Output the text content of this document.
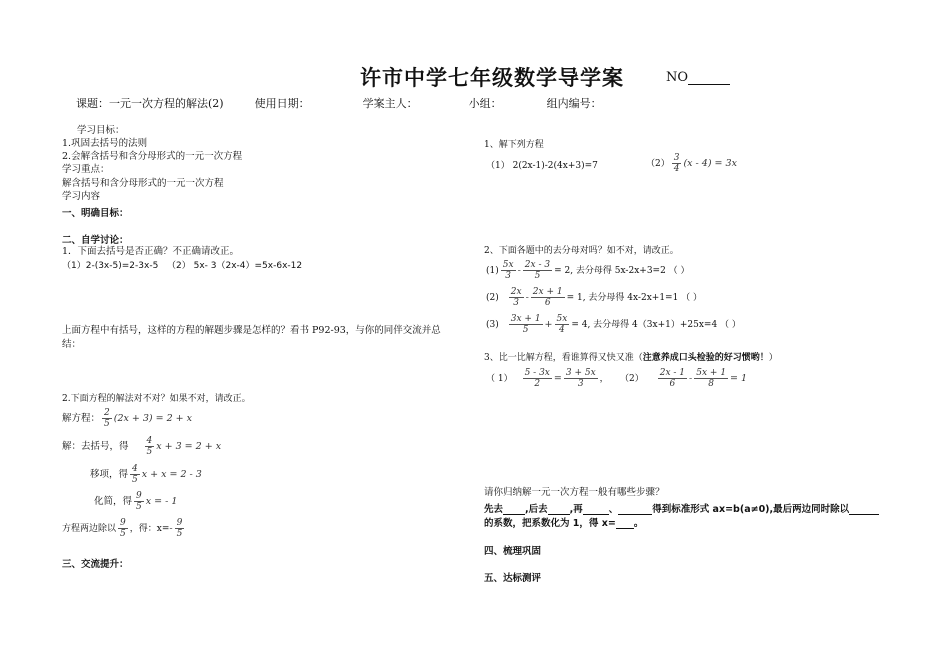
许市中学七年级数学导学案	NO
课题：一元一次方程的解法(2)	使用日期：	学案主人：	小组：	组内编号：
学习目标：
1.巩固去括号的法则
2.会解含括号和含分母形式的一元一次方程
学习重点：
解含括号和含分母形式的一元一次方程
学习内容
一、明确目标：
二、自学讨论：
1．下面去括号是否正确？不正确请改正。
（1）2-(3x-5)=2-3x-5 （2） 5x- 3（2x-4）=5x-6x-12
上面方程中有括号，这样的方程的解题步骤是怎样的？看书 P92-93，与你的同伴交流并总
结：
2.下面方程的解法对不对？如果不对，请改正。
解方程： $\frac{2}{5} (2x + 3) = 2 + x$
解：去括号，得 $\frac{4}{5}$ x + 3 = 2 + x
移项，得 $\frac{4}{5}$ x + x = 2 - 3
化简，得 $\frac{9}{5}$ x = - 1
方程两边除以 $\frac{9}{5}$ ，得：$x= - \frac{9}{5}$
三、交流提升：
1、解下列方程
（1） 2(2x-1)-2(4x+3)=7	$(2) \frac{3}{4} (x - 4) = 3x$
2、下面各题中的去分母对吗？如不对，请改正。
$(1) \frac{5x}{3} - \frac{2x - 3}{5} = 2$, 去分母得 5x-2x+3=2 （ ）
$(2) \frac{2x}{3} - \frac{2x + 1}{6} = 1$, 去分母得 4x-2x+1=1 （ ）
$(3) \frac{3x + 1}{5} + \frac{5x}{4} = 4$, 去分母得 4（3x+1）+25x=4 （ ）
3、比一比解方程，看谁算得又快又准（注意养成口头检验的好习惯哟！）
（ $1) \frac{5 - 3x}{2} = \frac{3 + 5x}{3}$ ， $(2) \frac{2x - 1}{6} - \frac{5x + 1}{8} = 1$
请你归纳解一元一次方程一般有哪些步骤？
先去 ,后去 ,再	、	得到标准形式 ax=b(a≠0),最后两边同时除以
的系数，把系数化为 1，得 x= 。
四、梳理巩固
五、达标测评
